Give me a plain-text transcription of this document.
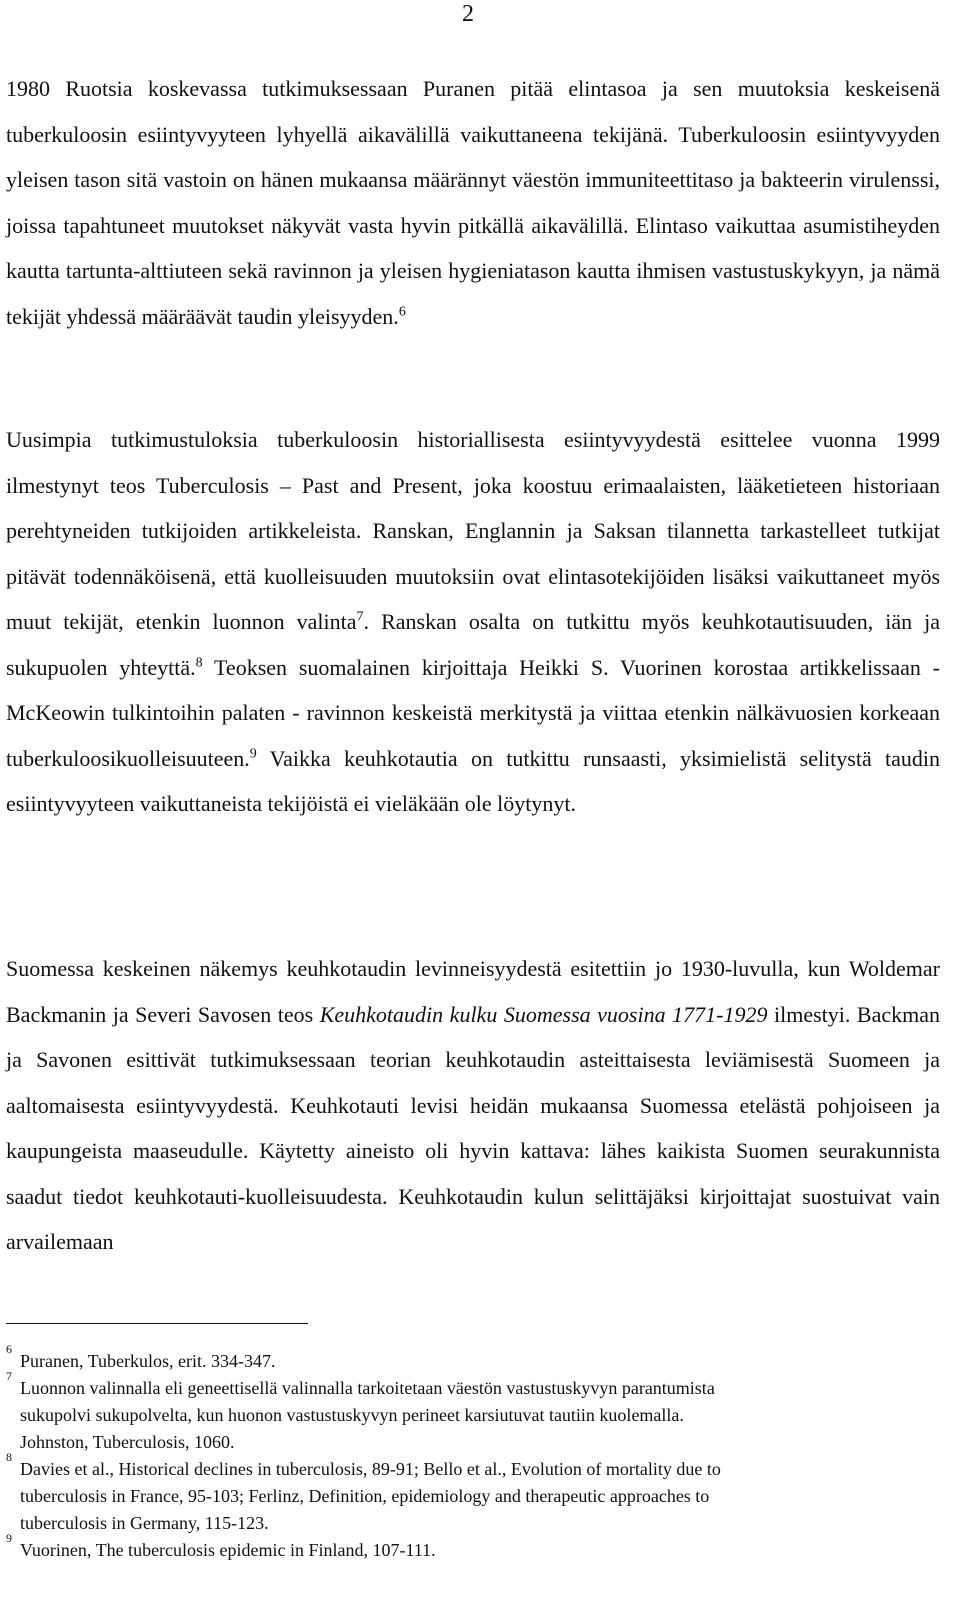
2

1980 Ruotsia koskevassa tutkimuksessaan Puranen pitää elintasoa ja sen muutoksia keskeisenä tuberkuloosin esiintyvyyteen lyhyellä aikavälillä vaikuttaneena tekijänä. Tuberkuloosin esiintyvyyden yleisen tason sitä vastoin on hänen mukaansa määrännyt väestön immuniteettitaso ja bakteerin virulenssi, joissa tapahtuneet muutokset näkyvät vasta hyvin pitkällä aikavälillä. Elintaso vaikuttaa asumistiheyden kautta tartunta-alttiuteen sekä ravinnon ja yleisen hygieniatason kautta ihmisen vastustuskykyyn, ja nämä tekijät yhdessä määräävät taudin yleisyyden.$^6$

Uusimpia tutkimustuloksia tuberkuloosin historiallisesta esiintyvyydestä esittelee vuonna 1999 ilmestynyt teos Tuberculosis – Past and Present, joka koostuu erimaalaisten, lääketieteen historiaan perehtyneiden tutkijoiden artikkeleista. Ranskan, Englannin ja Saksan tilannetta tarkastelleet tutkijat pitävät todennäköisenä, että kuolleisuuden muutoksiin ovat elintasotekijöiden lisäksi vaikuttaneet myös muut tekijät, etenkin luonnon valinta$^7$. Ranskan osalta on tutkittu myös keuhkotautisuuden, iän ja sukupuolen yhteyttä.$^8$ Teoksen suomalainen kirjoittaja Heikki S. Vuorinen korostaa artikkelissaan - McKeowin tulkintoihin palaten - ravinnon keskeistä merkitystä ja viittaa etenkin nälkävuosien korkeaan tuberkuloosikuolleisuuteen.$^9$ Vaikka keuhkotautia on tutkittu runsaasti, yksimielistä selitystä taudin esiintyvyyteen vaikuttaneista tekijöistä ei vieläkään ole löytynyt.

Suomessa keskeinen näkemys keuhkotaudin levinneisyydestä esitettiin jo 1930-luvulla, kun Woldemar Backmanin ja Severi Savosen teos Keuhkotaudin kulku Suomessa vuosina 1771-1929 ilmestyi. Backman ja Savonen esittivät tutkimuksessaan teorian keuhkotaudin asteittaisesta leviämisestä Suomeen ja aaltomaisesta esiintyvyydestä. Keuhkotauti levisi heidän mukaansa Suomessa etelästä pohjoiseen ja kaupungeista maaseudulle. Käytetty aineisto oli hyvin kattava: lähes kaikista Suomen seurakunnista saadut tiedot keuhkotauti-kuolleisuudesta. Keuhkotaudin kulun selittäjäksi kirjoittajat suostuivat vain arvailemaan

6
Puranen, Tuberkulos, erit. 334-347.
7
Luonnon valinnalla eli geneettisellä valinnalla tarkoitetaan väestön vastustuskyvyn parantumista
sukupolvi sukupolvelta, kun huonon vastustuskyvyn perineet karsiutuvat tautiin kuolemalla.
Johnston, Tuberculosis, 1060.
8
Davies et al., Historical declines in tuberculosis, 89-91; Bello et al., Evolution of mortality due to
tuberculosis in France, 95-103; Ferlinz, Definition, epidemiology and therapeutic approaches to
tuberculosis in Germany, 115-123.
9
Vuorinen, The tuberculosis epidemic in Finland, 107-111.
